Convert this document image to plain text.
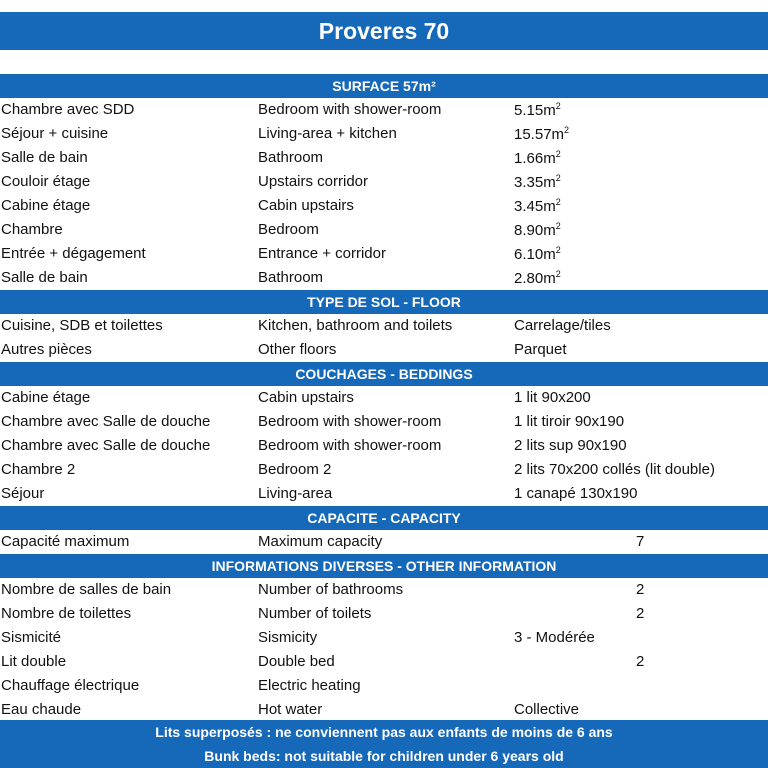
Proveres 70
SURFACE 57m²
Chambre avec SDD	Bedroom with shower-room	$5.15m^2$
Séjour + cuisine	Living-area + kitchen	$15.57m^2$
Salle de bain	Bathroom	$1.66m^2$
Couloir étage	Upstairs corridor	$3.35m^2$
Cabine étage	Cabin upstairs	$3.45m^2$
Chambre	Bedroom	$8.90m^2$
Entrée + dégagement	Entrance + corridor	$6.10m^2$
Salle de bain	Bathroom	$2.80m^2$
TYPE DE SOL - FLOOR
Cuisine, SDB et toilettes	Kitchen, bathroom and toilets	Carrelage/tiles
Autres pièces	Other floors	Parquet
COUCHAGES - BEDDINGS
Cabine étage	Cabin upstairs	1 lit 90x200
Chambre avec Salle de douche	Bedroom with shower-room	1 lit tiroir 90x190
Chambre avec Salle de douche	Bedroom with shower-room	2 lits sup 90x190
Chambre 2	Bedroom 2	2 lits 70x200 collés (lit double)
Séjour	Living-area	1 canapé 130x190
CAPACITE - CAPACITY
Capacité maximum	Maximum capacity	7
INFORMATIONS DIVERSES - OTHER INFORMATION
Nombre de salles de bain	Number of bathrooms	2
Nombre de toilettes	Number of toilets	2
Sismicité	Sismicity	3 - Modérée
Lit double	Double bed	2
Chauffage électrique	Electric heating
Eau chaude	Hot water	Collective
Lits superposés : ne conviennent pas aux enfants de moins de 6 ans
Bunk beds: not suitable for children under 6 years old
